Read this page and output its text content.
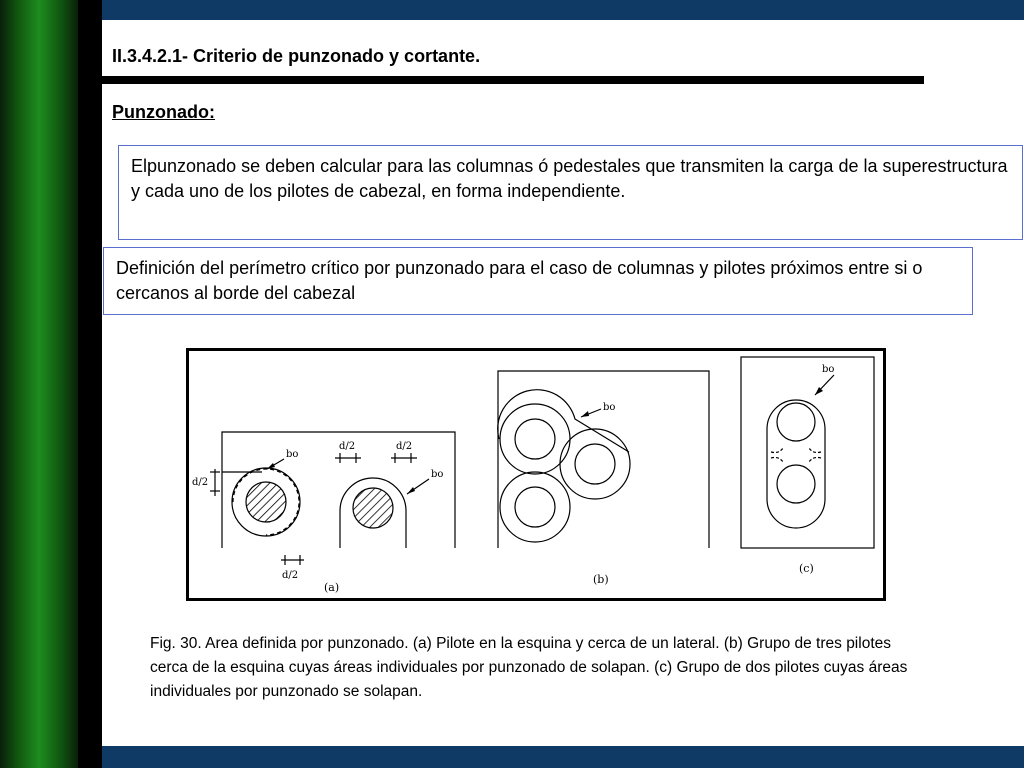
II.3.4.2.1- Criterio de punzonado y cortante.
Punzonado:
Elpunzonado se deben calcular para las columnas ó pedestales que transmiten la carga de la superestructura y cada uno de los pilotes de cabezal, en forma independiente.
Definición del perímetro crítico por punzonado para el caso de columnas y pilotes próximos entre si o cercanos al borde del cabezal
bo
bo
d/2	d/2
d/2
d/2
(a)
bo
(b)
bo
(c)
Fig. 30. Area definida por punzonado. (a) Pilote en la esquina y cerca de un lateral. (b) Grupo de tres pilotes cerca de la esquina cuyas áreas individuales por punzonado de solapan. (c) Grupo de dos pilotes cuyas áreas individuales por punzonado se solapan.
